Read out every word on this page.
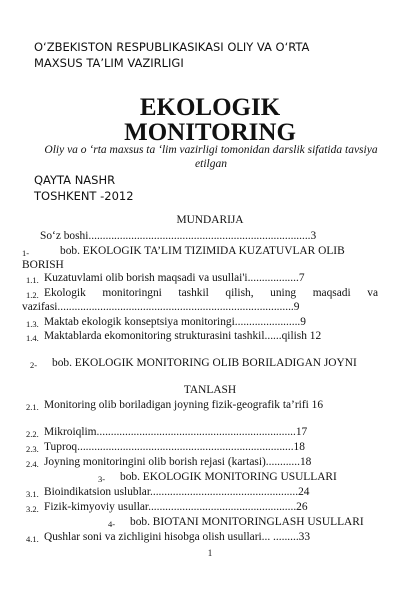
O‘ZBEKISTON RESPUBLIKASIKASI OLIY VA O‘RTA
MAXSUS TA’LIM VAZIRLIGI
EKOLOGIK
MONITORING
Oliy va o ‘rta maxsus ta ‘lim vazirligi tomonidan darslik sifatida tavsiya etilgan
QAYTA NASHR
TOSHKENT -2012
MUNDARIJA
So‘z boshi..............................................................................3
1-	bob. EKOLOGIK TA’LIM TIZIMIDA KUZATUVLAR OLIB BORISH
1.1. Kuzatuvlami olib borish maqsadi va usullai'i..................7
1.2. Ekologik monitoringni tashkil qilish, uning maqsadi va vazifasi...................................................................................9
1.3. Maktab ekologik konseptsiya monitoringi.......................9
1.4. Maktablarda ekomonitoring strukturasini tashkil......qilish 12
2-	bob. EKOLOGIK MONITORING OLIB BORILADIGAN JOYNI
TANLASH
2.1. Monitoring olib boriladigan joyning fizik-geografik ta’rifi 16
2.2. Mikroiqlim......................................................................17
2.3. Tuproq............................................................................18
2.4. Joyning monitoringini olib borish rejasi (kartasi)............18
3- bob. EKOLOGIK MONITORING USULLARI
3.1. Bioindikatsion uslublar....................................................24
3.2. Fizik-kimyoviy usullar....................................................26
4- bob. BIOTANI MONITORINGLASH USULLARI
4.1. Qushlar soni va zichligini hisobga olish usullari... .........33
1
